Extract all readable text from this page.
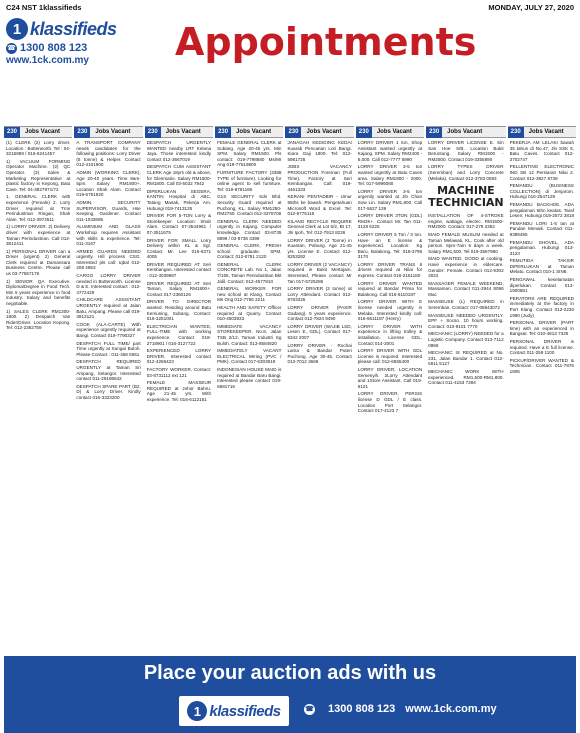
C24 NST 1klassifieds	MONDAY, JULY 27, 2020
1 klassifieds
☎ 1300 808 123
www.1ck.com.my	Appointments
230	Jobs Vacant

(1) CLERK (2) Lorry driver. Location : Butterworth. Tel : 04-3215889 / 015-6241457

1) VACUUM FORMING Operator Machine. (2) QC Operator. (3) Sales & Marketing Representative at plastic factory in Kepong, Batu Cave. Tel: 04-3827971/72

1. GENERAL CLERK with experience (Female) 2. Lorry Driver required at Tmn Perindustrian Ringan, Shah Alam. Tel: 012-3972511

1) LORRY DRIVER. 2) Delivery driver with experience at Taman Perindustrian. Call 012-3812411

1) PERSONAL DRIVER can a Driver (urgent) 2) General Clerk required at Damansara Business Centre. Please call us 03-77557176

1) SENIOR QA Executive. Diploma/Degree in Food Tech. Min 5 years experience in food industry. Salary and benefits negotiable.

1) SALES CLERK RM1300-1800. 2) Despatch Van Rider/Driver. Location Kepong. Tel: 012-2382759

230	Jobs Vacant

A TRANSPORT COMPANY needs candidates for the following positions: Lorry Driver (5 tonne) & Helper. Contact 012-4101900

ADMIN (WORKING CLERK), Age 20-40 years. Time 8am-5pm. Salary RM1800+. Location Shah Alam. Contact 019-6751920

ADMIN, SECURITY SUPERVISOR, Guards, Hse Keeping, Gardener. Contact 011-1033695

ALUMINIUM AND GLASS Workshop requires Assistant with skills & experience. Tel: 011-3167

ARMED GUARDS NEEDED urgently. Hill process CSG. Interested pls call: Iqbal 012-208 4853

CARGO LORRY DRIVER needed in Butterworth. License D & E. Interested contact : 012-4772429

CHILDCARE ASSISTANT URGENTLY required at Jalan Batu, Ampang. Please call 019-3913121

COOK (ALA-CARTE) With experience urgently required at Bangi. Contact 019-7790327

DESPATCH FULL TIME/ part Time urgently at Sungai Buloh. Please Contact : 011-458 5551

DESPATCH REQUIRED URGENTLY at Taman Sri Ampang, Selangor. Interested contact 011-29196642

DESPATCH SPARE PART (B2, D) & Lorry Driver. Kindly contact 016-3323200

230	Jobs Vacant

DESPATCH URGENTLY WANTED nearby LRT Kelana Jaya. Those interested kindly contact 012-3667019

DESPATCH CUM ASSISTANT CLERK Age 18yrs old & above, for Glenmarie. Salary RM1500-RM1800. Call 03-5032 7942

DIPERLUKAN SEGERA, KANTIN Hospital di ABC, Tatang Masak, Pekerja Am. Hubungi 019-7413125

DRIVER FOR 5-TON Lorry & Storekeeper. Location: Shah Alam. Contact 07-3544961 / 07-3511675

DRIVER FOR SMALL Lorry Delivery within KL & Sgr. Contact Mr. Lee 016-6371 4005

DRIVER REQUIRED AT Seri Kembangan. Interested contact : 012-3039987

DRIVER REQUIRED AT Seri Taman, Salary RM1800+. Contact 017-2360126

DRIVER TO DIRECTOR wanted. Residing around Batu Kemuning, Subang. Contact: 016-3251001

ELECTRICIAN WANTED, FULL-TIME with working experience. Contact 019-2718901 / 016-3127722

EXPERIENCED LORRY DRIVER. Interested contact 012-4286423

FACTORY WORKER. Contact: 03-8731112 ext 121

FEMALE MASSEUR REQUIRED at Johor Bahru. Age 21-45 yrs. With experience. Tel: 016-6112151

230	Jobs Vacant

FEMALE GENERAL CLERK at Subang. Age 20-45 yrs. Min SPM. Salary RM1500. Pls contact: 019-7798880 Ms/Mr Ang 019-77519800

FURNITURE FACTORY (3388 TYPE of furniture). Looking for online agent to sell furniture. Tel: 016-8761166

G1S SECURITY Sdn Bhd. Security Guard required at Puchong, KL. Salary RM1250-RM2750. Contact 012-3378708

GENERAL CLERK NEEDED urgently in Kajang. Computer knowledge. Contact 03-8735 8899 / 03-8736 3399

GENERAL CLERK, FRESH school graduate. SPM. Contact: 012-6791 2120

GENERAL CLERK CONCRETE Lab. No 1, Jalan 7/155, Taman Perindustrian Bkt Jalil. Contact: 012-4577810

GENERAL WORKER FOR new school at Klang. Contact Ms Ong 012-7766 2211

HEALTH AND SAFETY Officer required at Quarry. Contact 010-4503933

IMMEDIATE VACANCY STOREKEEPER. No.8, Jalan TSB 2/12, Taman Industri Sg Buloh. Contact: 013-8584820

IMMEDIATELY VACANT ELECTRICAL Wiring (PVC / PMK). Contact 017-6303919

INDONESIAN HOUSE MAID is required at Bandar Baru Bangi. Interested please contact 019-6681716

230	Jobs Vacant

JANAGAH KEDIGING KEDAI Kuarab Pencarian Lori Bangi. Kiara Gaji 1800. Tel: 012-5981725

JOBS VACANCY PRODUCTION Foreman (Full Time). Factory at Seri Kembangan. Call: 019-4461333

KERANI PENTADBIR - Umur 55ths ke bawah. Pengetahuan Microsoft Word & Excel. Tel: 012-6775116

KILANG RECYCLE REQUIRE General Clerk at Lot 6/2, Bt 17, Jln Ipoh, Tel: 012-7913 8226

LORRY DRIVER (3 Tonne) in Kuantan, Pahang. Age 21-45 yrs. License E. Contact 012-8253282

LORRY DRIVER (2 VACANCY) required in Bukit Mertajam. Interested, Please contact Mr Tan 017-5725285

LORRY DRIVER (3 tonne) at Lorry Attendant. Contact 012-8783325

LORRY DRIVER (PASIR Gadang). 5 years experience. Contact 012-7824 9490

LORRY DRIVER (WAJIB LSD, Lesen E, GDL). Contact 017-5342 2007

LORRY DRIVER - Rochai Lama & Bandar Puteri Puchong. Age 30-45. Contact 013-7012 3669

230	Jobs Vacant

LORRY DRIVER 1 ton, Shop Assistant wanted urgently at Kajang. SPM. Salary RM2400 - 5,000. Call 012-7777 5990

LORRY DRIVER 3-5 ton wanted urgently at Batu Caves area. Salary RM1800 - 2000. Tel: 017-5996080

LORRY DRIVER 3-5 ton urgently wanted at Jln Chan Sow Lin. Salary RM1,800. Call 017-5627 139

LORRY DRIVER 3TON (GDL) RM2K+. Contact Mr. Tan 011-3128 5225

LORRY DRIVER 5 Ton / 3 ton. Have an E license & experienced. Location: Kg Baru, Balakong. Tel: 018-3796 3170

LORRY DRIVER TRANS 6 drivers required at Nilai for express. Contact 016-2151180

LORRY DRIVER WANTED required at Bandar Prima for Balakong. Call 016-6110187

LORRY DRIVER WITH E license needed urgently in Melaka. Interested kindly call: 016-6611187 (Henry)

LORRY DRIVER WITH experience in lifting trolley & installation. License GDL. Contact 014-2001

LORRY DRIVER WITH GDL License is required. Interested please call: 012-6655400

LORRY DRIVER, LOCATION Semenyih. 2Lorry Attendant and 1Store Assistant. Call 019-6121

LORRY DRIVER, PERSIS license D GDL / E class. Location Port Selangor. Contact 017-4123 7

230	Jobs Vacant

LORRY DRIVER LICENSE E. Sin San Hoe S/B. Location Bukit Beruntung. Salary RM1500 - RM2500. Contact 019-3355890

LORRY TYPES DRIVER (Seremban) and Lorry Concrete (Melaka). Contact 012-3783 0083

MACHINE TECHNICIAN

INSTALLATION OF 4-STROKE engine, wattage, electric. RM1500-RM2000. Contact: 017-279 2352

MAID FEMALE MUSLIM needed at Taman Melawati, KL. Cook after old person. 6pm-7am 6 days a week. Salary RM1,500. Tel 019-3567980

MAID WANTED, GOOD at cooking. Have experience in eldercare. Gender: Female. Contact 012-9302 3022

MASSAGER FEMALE WEEKEND, Massaman. Contact 011-2944 8096 Mac

MASSEUSE (L) REQUIRED in Seremban. Contact: 017-08843072

MASSEUSE NEEDED URGENTLY. EPF + Socso. 10 hours working. Contact: 010-9101 7770

MECHANIC (LORRY) NEEDED for a Logistic Company. Contact 013-7112 0866

MECHANIC IS REQUIRED at No. 231, Jalan Bandar 1. Contact 012-5611 5127

MECHANIC WORK WITH experienced. RM1,500-RM1,800. Contact 011-4153 7394

230	Jobs Vacant

PEKERJA AM LELAKI bawah 35 tahun di No.47, Jln SSK 6, Batu Caves. Contact 012-3702747

PELLENTING ELECTRONIC IND SB 12 Persiaran Nilai 2. Contact 012-3927 8738

PEMANDU (BUSINESS COLLECTION) di Jenjarom. Hubungi 016-2547129

PEMANDU BACKHOE. ADA pengalaman 5thn keatas. Taraf Lesen: Hubungi 019-2572 3818

PEMANDU LORI 1-5 tan at Pandan Menaik. Contact 011-9389495

PEMANDU SHOVEL, ADA pengalaman. Hubungi 013-3123

PEMUTIDA TAKSIR DIPERLUKAN at Taman Melatu. Contact 010-1 SIN8.

PENGAWAL keselamatan diperlukan. Contact 013-1900881

PERATORS ARE REQUIRED immediately at the factory in Port Klang. Contact 012-2230 1990 (Judy)

PERSONAL DRIVER (PART time) with an experienced in Bangsar. Tel: 010-4813 7325

PERSONAL DRIVER is required. Have a E full license. Contact 011-259 1100

PICKUP/DRIVER WANTED & Technician. Contact 011-7876 1805

Place your auction ads with us
1 klassifieds	☎ 1300 808 123 www.1ck.com.my
